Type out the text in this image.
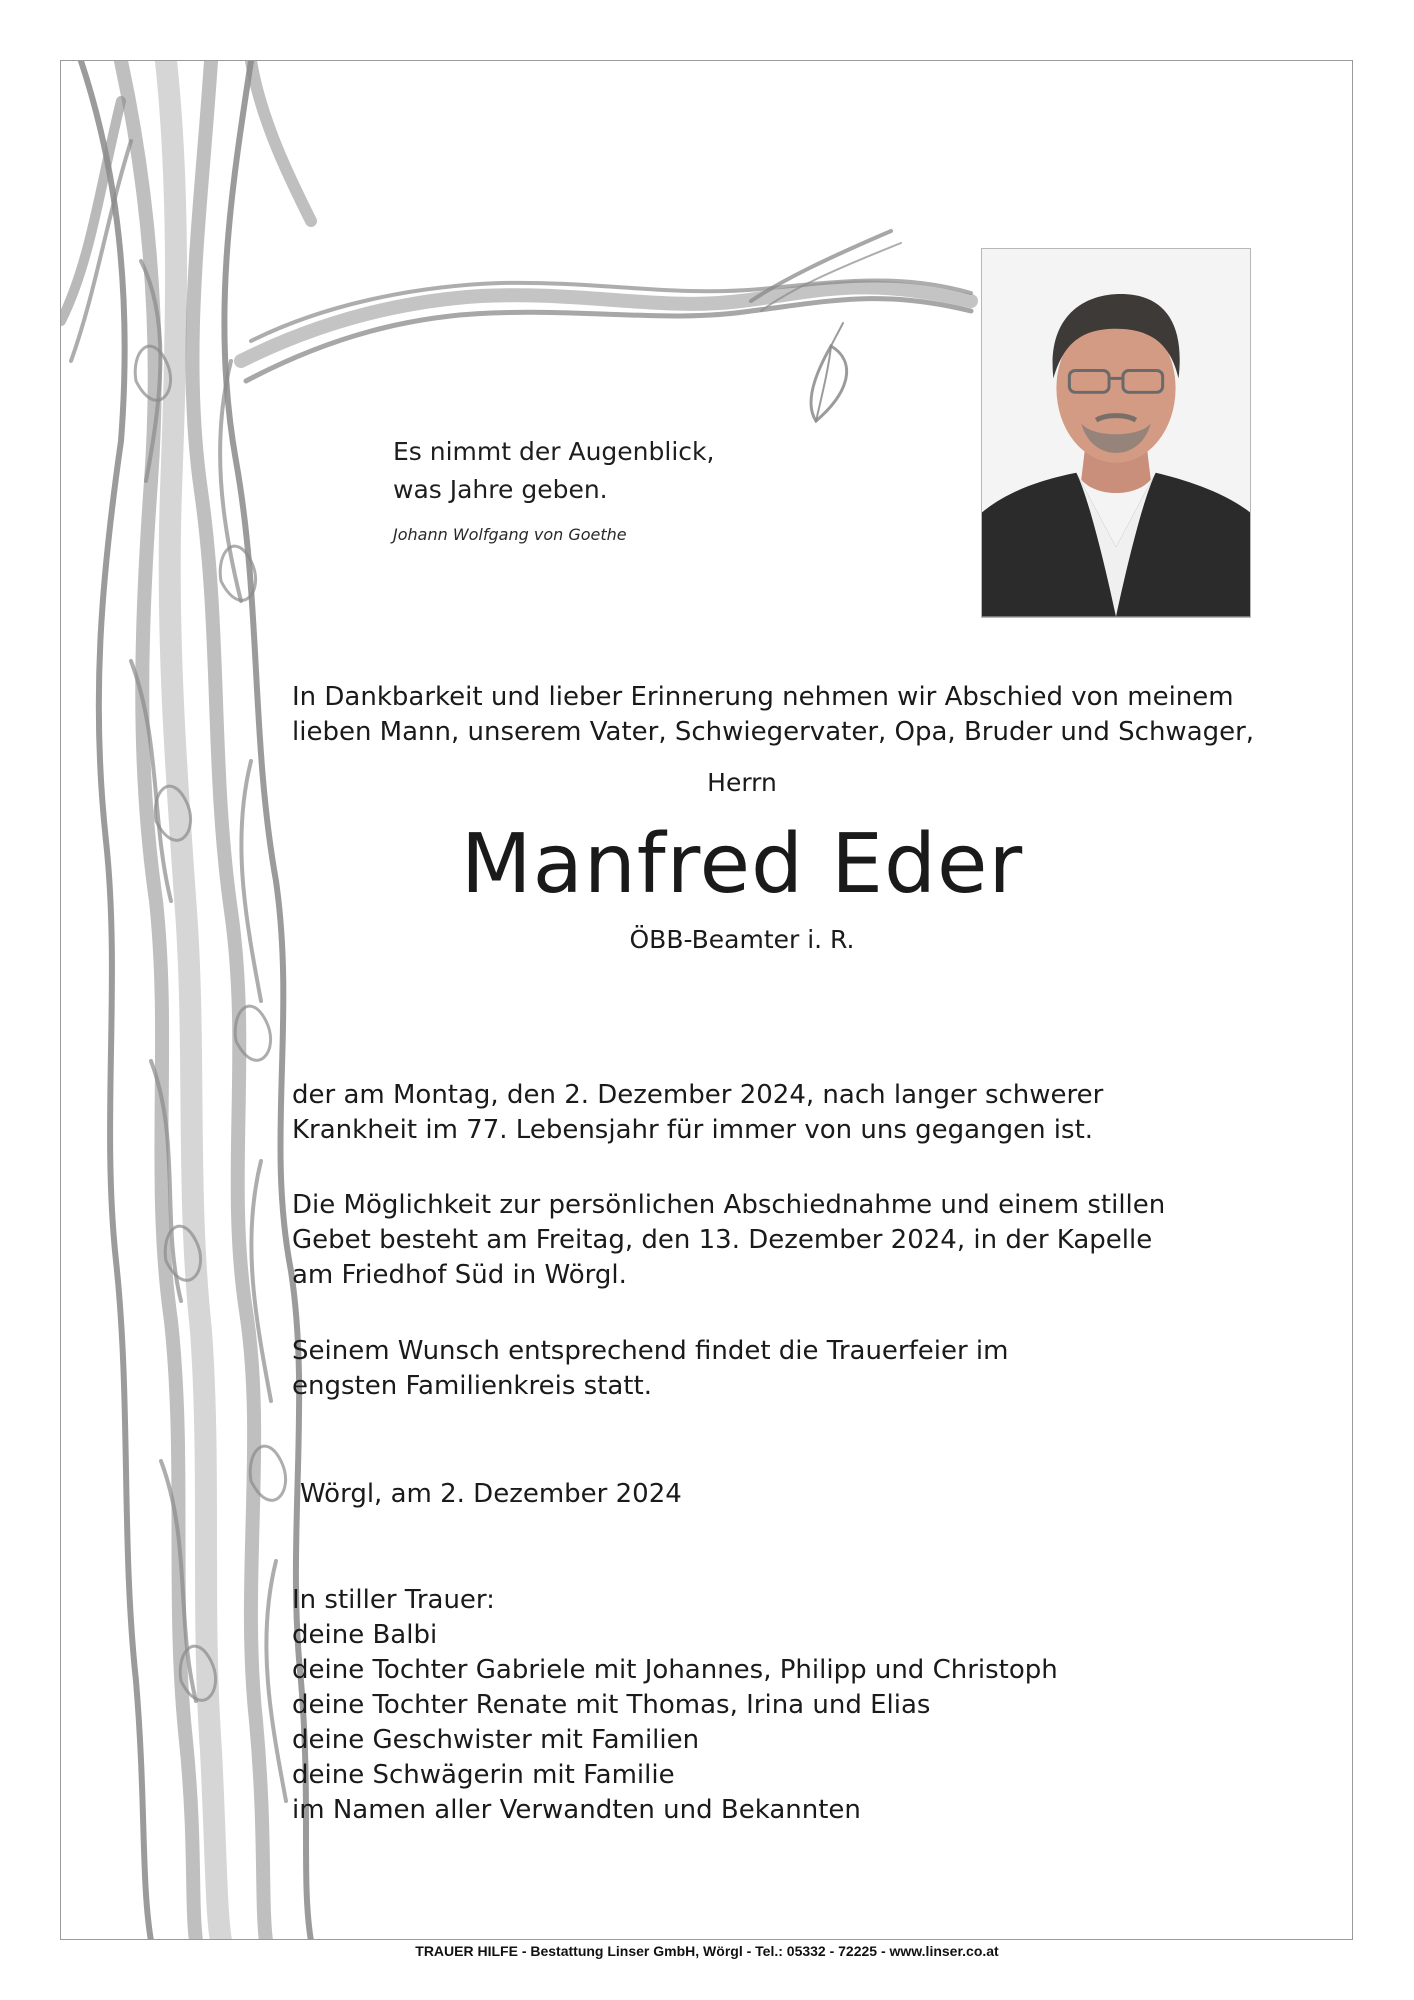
Es nimmt der Augenblick,
was Jahre geben.
Johann Wolfgang von Goethe
In Dankbarkeit und lieber Erinnerung nehmen wir Abschied von meinem
lieben Mann, unserem Vater, Schwiegervater, Opa, Bruder und Schwager,
Herrn
Manfred Eder
ÖBB-Beamter i. R.
der am Montag, den 2. Dezember 2024, nach langer schwerer
Krankheit im 77. Lebensjahr für immer von uns gegangen ist.
Die Möglichkeit zur persönlichen Abschiednahme und einem stillen
Gebet besteht am Freitag, den 13. Dezember 2024, in der Kapelle
am Friedhof Süd in Wörgl.
Seinem Wunsch entsprechend findet die Trauerfeier im
engsten Familienkreis statt.
Wörgl, am 2. Dezember 2024
In stiller Trauer:
deine Balbi
deine Tochter Gabriele mit Johannes, Philipp und Christoph
deine Tochter Renate mit Thomas, Irina und Elias
deine Geschwister mit Familien
deine Schwägerin mit Familie
im Namen aller Verwandten und Bekannten
TRAUER HILFE - Bestattung Linser GmbH, Wörgl - Tel.: 05332 - 72225 - www.linser.co.at
